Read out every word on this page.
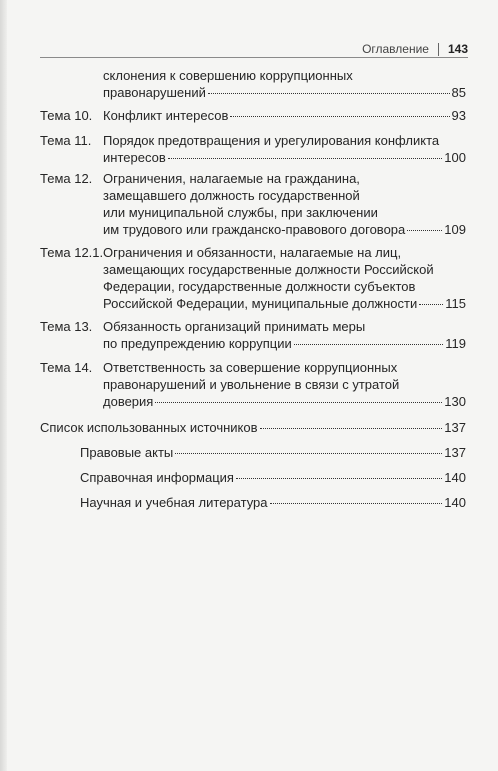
Оглавление 143
склонения к совершению коррупционных
правонарушений	85
Тема 10. Конфликт интересов	93
Тема 11. Порядок предотвращения и урегулирования конфликта
интересов	100
Тема 12. Ограничения, налагаемые на гражданина,
замещавшего должность государственной
или муниципальной службы, при заключении
им трудового или гражданско-правового договора	109
Тема 12.1. Ограничения и обязанности, налагаемые на лиц,
замещающих государственные должности Российской
Федерации, государственные должности субъектов
Российской Федерации, муниципальные должности 115
Тема 13. Обязанность организаций принимать меры
по предупреждению коррупции	119
Тема 14. Ответственность за совершение коррупционных
правонарушений и увольнение в связи с утратой
доверия	130
Список использованных источников	137
Правовые акты	137
Справочная информация	140
Научная и учебная литература	140
